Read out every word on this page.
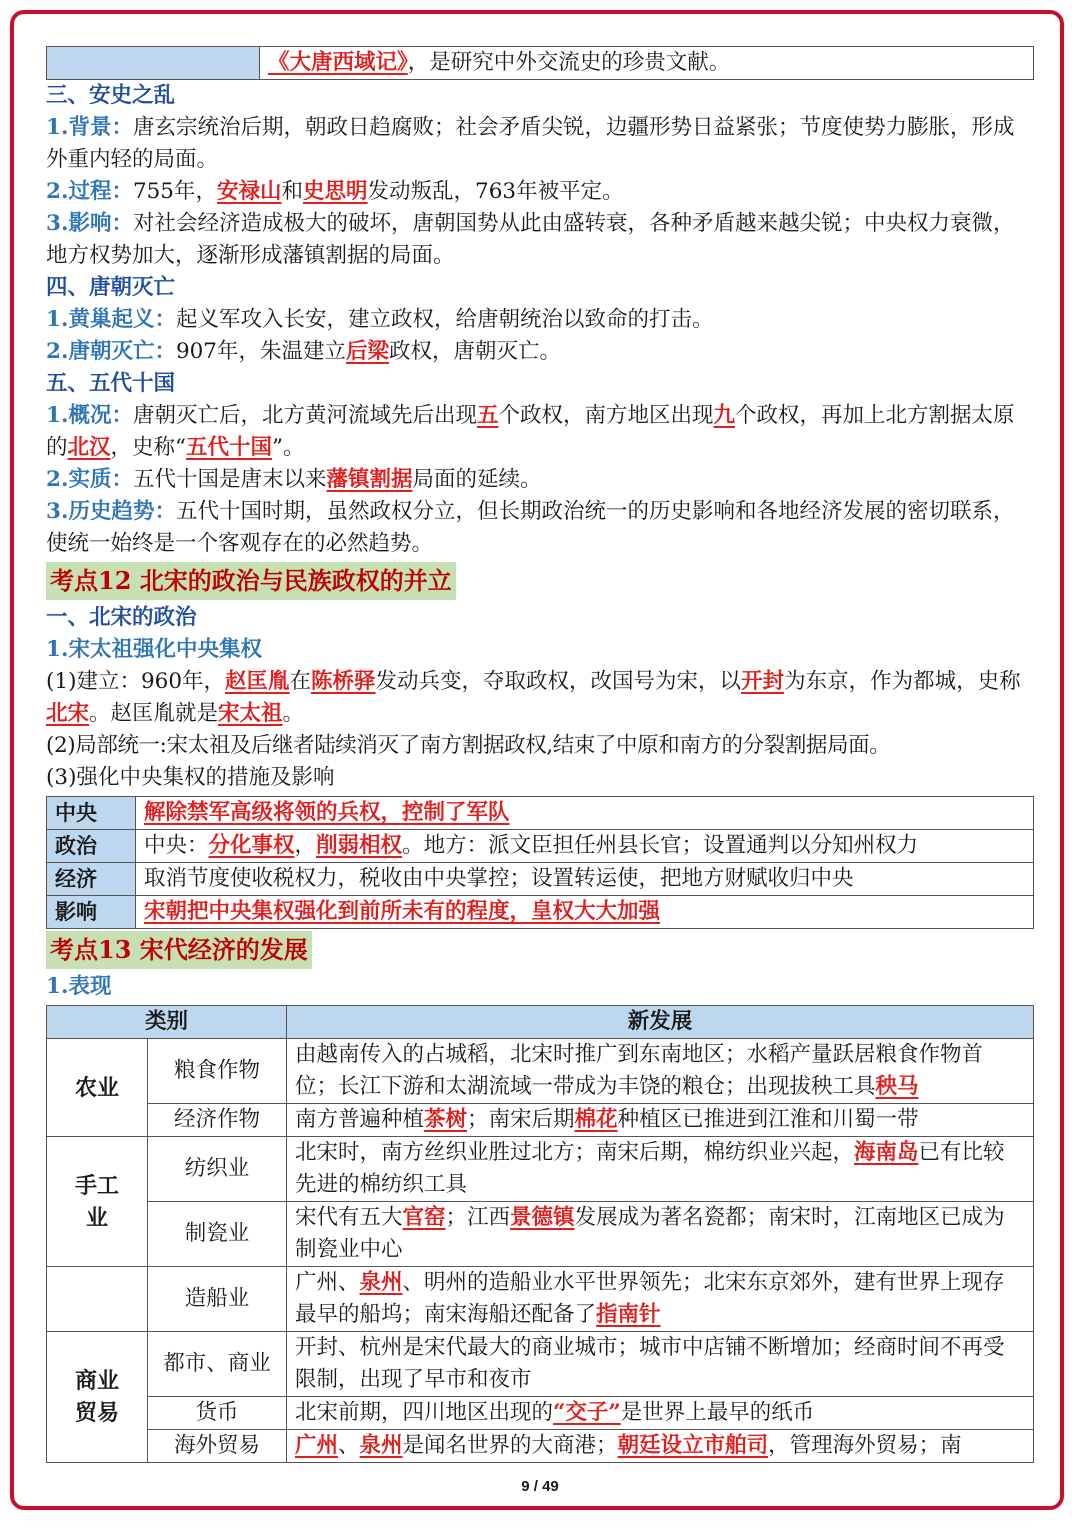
	《大唐西域记》，是研究中外交流史的珍贵文献。
三、安史之乱

1.背景：唐玄宗统治后期，朝政日趋腐败；社会矛盾尖锐，边疆形势日益紧张；节度使势力膨胀，形成外重内轻的局面。

2.过程：755年，安禄山和史思明发动叛乱，763年被平定。

3.影响：对社会经济造成极大的破坏，唐朝国势从此由盛转衰，各种矛盾越来越尖锐；中央权力衰微，地方权势加大，逐渐形成藩镇割据的局面。

四、唐朝灭亡

1.黄巢起义：起义军攻入长安，建立政权，给唐朝统治以致命的打击。

2.唐朝灭亡：907年，朱温建立后梁政权，唐朝灭亡。

五、五代十国

1.概况：唐朝灭亡后，北方黄河流域先后出现五个政权，南方地区出现九个政权，再加上北方割据太原的北汉，史称“五代十国”。

2.实质：五代十国是唐末以来藩镇割据局面的延续。

3.历史趋势：五代十国时期，虽然政权分立，但长期政治统一的历史影响和各地经济发展的密切联系，使统一始终是一个客观存在的必然趋势。

考点12 北宋的政治与民族政权的并立
一、北宋的政治
1.宋太祖强化中央集权

(1)建立：960年，赵匡胤在陈桥驿发动兵变，夺取政权，改国号为宋，以开封为东京，作为都城，史称北宋。赵匡胤就是宋太祖。

(2)局部统一:宋太祖及后继者陆续消灭了南方割据政权,结束了中原和南方的分裂割据局面。

(3)强化中央集权的措施及影响

中央	解除禁军高级将领的兵权，控制了军队
政治	中央：分化事权，削弱相权。地方：派文臣担任州县长官；设置通判以分知州权力
经济	取消节度使收税权力，税收由中央掌控；设置转运使，把地方财赋收归中央
影响	宋朝把中央集权强化到前所未有的程度，皇权大大加强
考点13 宋代经济的发展
1.表现
类别		新发展
农业	粮食作物	由越南传入的占城稻，北宋时推广到东南地区；水稻产量跃居粮食作物首位；长江下游和太湖流域一带成为丰饶的粮仓；出现拔秧工具秧马
	经济作物	南方普遍种植茶树；南宋后期棉花种植区已推进到江淮和川蜀一带
手工业	纺织业	北宋时，南方丝织业胜过北方；南宋后期，棉纺织业兴起，海南岛已有比较先进的棉纺织工具
	制瓷业	宋代有五大官窑；江西景德镇发展成为著名瓷都；南宋时，江南地区已成为制瓷业中心
	造船业	广州、泉州、明州的造船业水平世界领先；北宋东京郊外，建有世界上现存最早的船坞；南宋海船还配备了指南针
商业贸易	都市、商业	开封、杭州是宋代最大的商业城市；城市中店铺不断增加；经商时间不再受限制，出现了早市和夜市
	货币	北宋前期，四川地区出现的“交子”是世界上最早的纸币
	海外贸易	广州、泉州是闻名世界的大商港；朝廷设立市舶司，管理海外贸易；南
9 / 49
